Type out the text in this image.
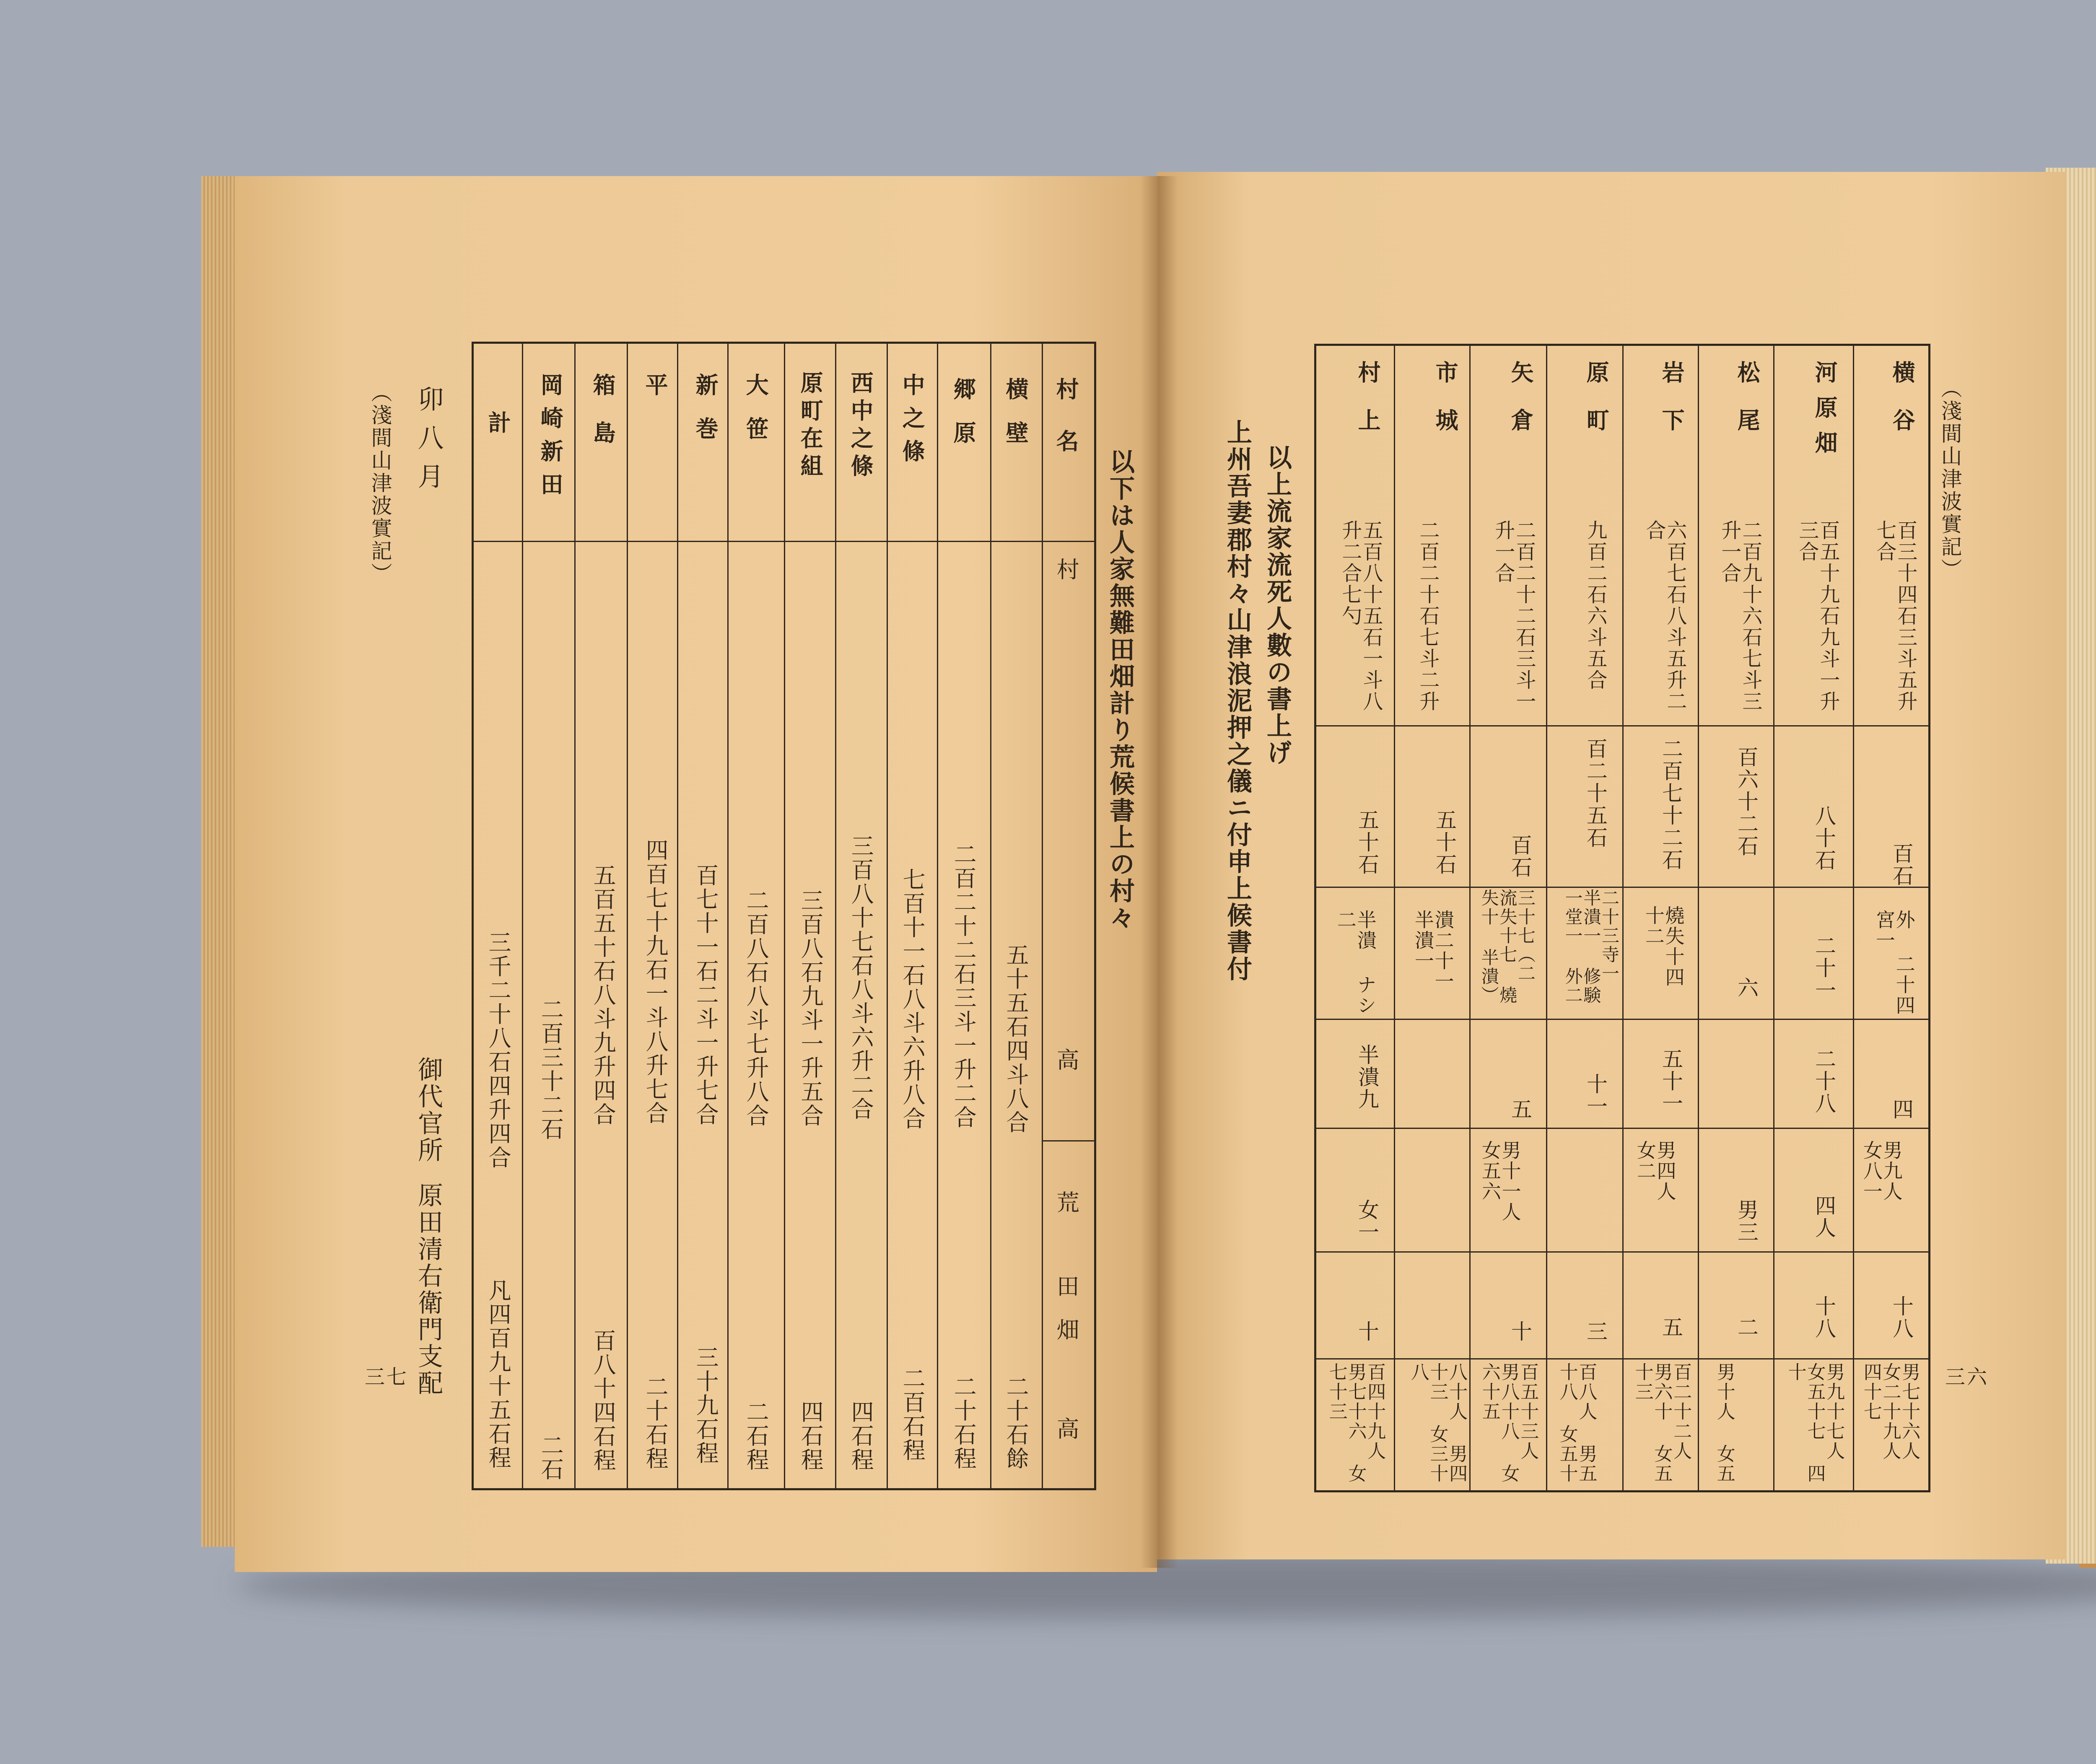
（淺間山津波實記） 卯八月
以下は人家無難田畑計り荒候書上の村々
村名
村
高
荒
田畑
高
横壁
五十五石四斗八合
二十石餘
郷原
二百二十二石三斗一升二合
二十石程
中之條
七百十一石八斗六升八合
二百石程
西中之條
三百八十七石八斗六升二合
四石程
原町在組
三百八石九斗一升五合
四石程
大笹
二百八石八斗七升八合
二石程
新巻
百七十一石二斗一升七合
三十九石程
平
四百七十九石一斗八升七合
二十石程
箱島
五百五十石八斗九升四合
百八十四石程
岡崎新田
二百三十二石
二石
計
三千二十八石四升四合
凡四百九十五石程
御代官所
原田清右衛門支配
三七
（淺間山津波實記）
三六
以上流家流死人數の書上げ
上州吾妻郡村々山津浪泥押之儀ニ付申上候書付
横谷
百三十四石三斗五升七合
百石
外 二十四 宮一
四
男九人 女八一
十八
男七十六人 女二十九人 四十七
河原畑
百五十九石九斗一升三合
八十石
二十一
二十八
四人
十八
男九十七人 女五十七 四十
松尾
二百九十六石七斗三升一合
百六十二石
六
男三
二
男十人 女五
岩下
六百七石八斗五升二合
二百七十二石
燒失十四 十二
五十一
男四人 女二
五
百二十二人 男六十 女五十三
原町
九百二石六斗五合
百二十五石
二十三寺一 半潰一 修験一堂一 外二
十一
三
百八人 男五十八 女五十
矢倉
二百二十二石三斗一升一合
百石
三十七（二 流失十七 燒失十 半潰）
五
男十一人 女五六
十
百五十三人 男八十八 女六十五
市城
二百二十石七斗二升
五十石
潰二十一 半潰一
八十人 男四十三 女三十八
村上
五百八十五石一斗八升二合七勺
五十石
半潰 ナシ 二
半潰九
女一
十
百四十九人 男七十六 女七十三
